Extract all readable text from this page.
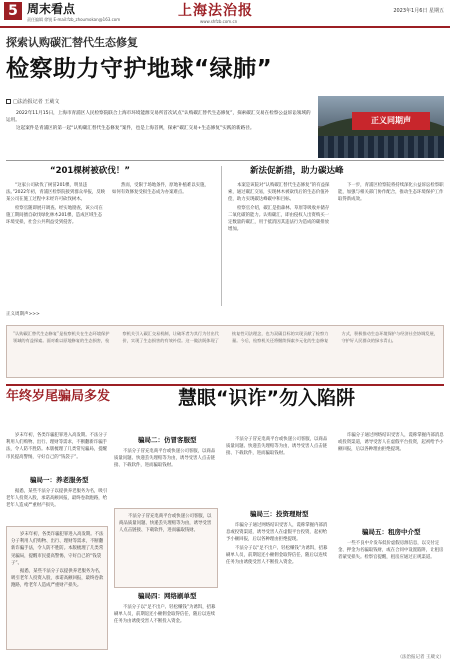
5 周末看点
责任编辑 徐锐 E-mail:fzb_zhoumokan@163.com
上海法治报
www.shfzb.com.cn
2023年1月6日 星期五
探索认购碳汇替代生态修复
检察助力守护地球“绿肺”
□法治报记者 王葳文
正义同期声

2022年11月15日，上海市青浦区人民检察院联合上海市环境能源交易所首次试点“认购碳汇替代生态修复”，探索碳汇交易在检察公益诉讼领域的运用。

这起案件是青浦区的第一起“认购碳汇替代生态修复”案件，也是上海首例，探索“碳汇交易+生态修复”实践的新路径。

“201棵树被砍伐！”	新法促新措，助力碳达峰

“这家公司砍伐了树苗201棵，明显违法。”2022年初，青浦区检察院接到群众举报，反映某公司在施工过程中未经许可砍伐树木。

检察官随即展开调查。经实地勘查，该公司在施工期间擅自砍伐绿化林木201棵，造成区域生态环境受损，社会公共利益受到侵害。

然而，受限于场地条件，原地补植难以实施，如何有效修复受损生态成为办案难点。

本案是该院对“认购碳汇替代生态修复”的有益探索，通过碳汇交易，实现林木被砍伐后的生态价值补偿，助力实现碳达峰碳中和目标。

检察官介绍，碳汇是指森林、草原等吸收并储存二氧化碳的能力。认购碳汇，即由侵权人出资购买一定数量的碳汇，用于抵消因其违法行为造成的碳排放增加。

下一步，青浦区检察院将持续深化公益诉讼检察职能，加强与相关部门协作配合，推动生态环境保护工作取得新成效。

正义周期声>>>
“认购碳汇替代生态修复”是检察机关在生态环境保护领域的有益探索。面对难以原地修复的生态损害，检察机关引入碳汇交易机制，让破坏者为其行为付出代价，实现了生态损害的有效补偿。这一做法既体现了恢复性司法理念，也为双碳目标的实现贡献了检察力量。今后，检察机关还将继续探索多元化的生态修复方式，积极推动生态环境保护与经济社会协调发展，守护好人民群众的绿水青山。
年终岁尾骗局多发	慧眼“识诈”勿入陷阱

岁末年初，各类诈骗犯罪进入高发期。不法分子利用人们购物、出行、理财等需求，不断翻新诈骗手法，令人防不胜防。本版梳理了几类常见骗局，提醒市民提高警惕，守好自己的“钱袋子”。

骗局一：养老服务型

据悉，某些不法分子以提供养老服务为名，吸引老年人投资入股，承诺高额回报，最终卷款跑路，给老年人造成严重财产损失。

岁末年初，各类诈骗犯罪进入高发期。不法分子利用人们购物、出行、理财等需求，不断翻新诈骗手法，令人防不胜防。本版梳理了几类常见骗局，提醒市民提高警惕，守好自己的“钱袋子”。

据悉，某些不法分子以提供养老服务为名，吸引老年人投资入股，承诺高额回报，最终卷款跑路，给老年人造成严重财产损失。

骗局二：仿冒客服型

不法分子冒充电商平台或快递公司客服，以商品质量问题、快递丢失理赔等为由，诱导受害人点击链接、下载软件，进而骗取钱财。

不法分子冒充电商平台或快递公司客服，以商品质量问题、快递丢失理赔等为由，诱导受害人点击链接、下载软件，进而骗取钱财。

骗局四：网络刷单型

不法分子以“足不出户、轻松赚钱”为诱饵，招募刷单人员，前期返还小额佣金取得信任，随后以连续任务为由诱使受害人不断投入资金。

不法分子冒充电商平台或快递公司客服，以商品质量问题、快递丢失理赔等为由，诱导受害人点击链接、下载软件，进而骗取钱财。

骗局三：投资理财型

诈骗分子通过网络结识受害人，谎称掌握内部消息或投资渠道，诱导受害人在虚假平台投资，起初给予小额回报，后以各种理由拒绝提现。

不法分子以“足不出户、轻松赚钱”为诱饵，招募刷单人员，前期返还小额佣金取得信任，随后以连续任务为由诱使受害人不断投入资金。

诈骗分子通过网络结识受害人，谎称掌握内部消息或投资渠道，诱导受害人在虚假平台投资，起初给予小额回报，后以各种理由拒绝提现。

骗局五：租房中介型

一些不良中介发布低价虚假房源信息，以交付定金、押金为名骗取钱财，或在合同中设置陷阱，让租房者蒙受损失。检察官提醒，租房应通过正规渠道。

（法治报记者 王葳文）
